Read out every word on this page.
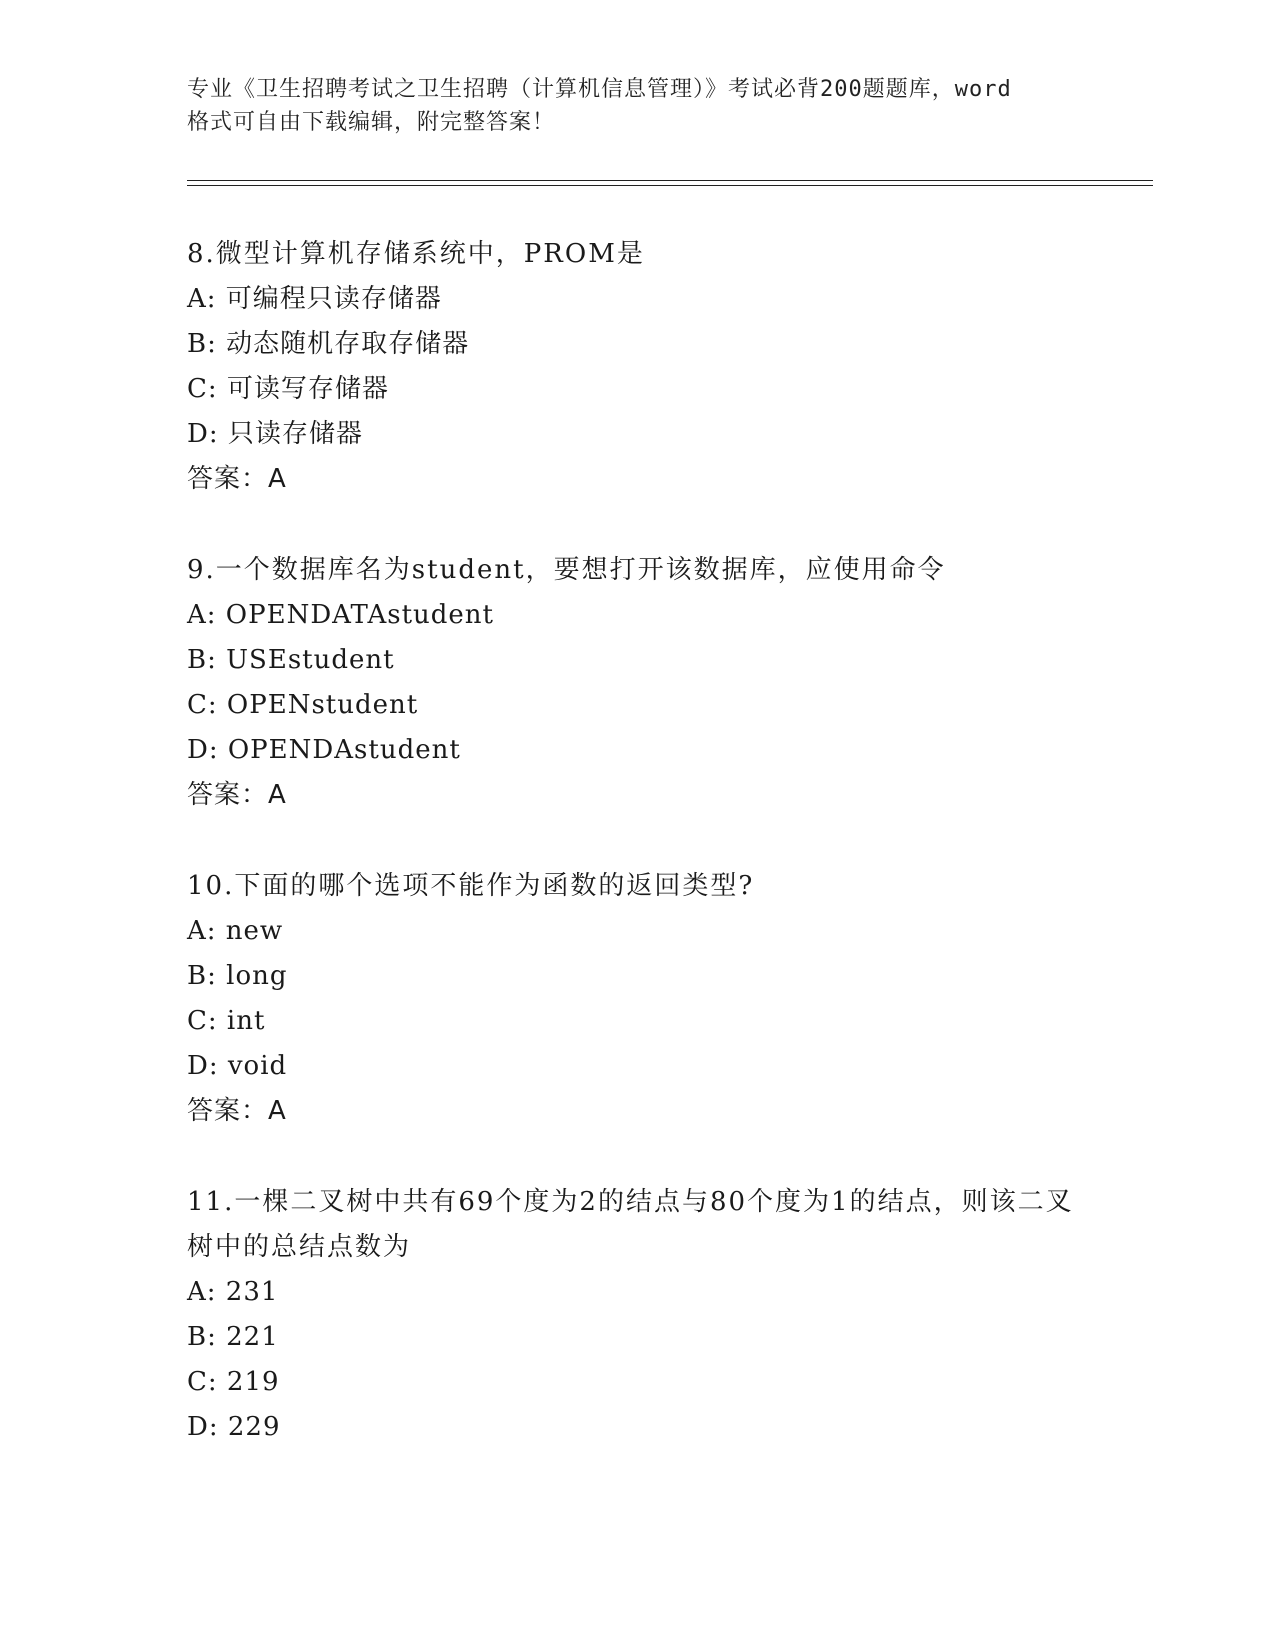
专业《卫生招聘考试之卫生招聘（计算机信息管理）》考试必背200题题库，word
格式可自由下载编辑，附完整答案！
8.微型计算机存储系统中，PROM是
A: 可编程只读存储器
B: 动态随机存取存储器
C: 可读写存储器
D: 只读存储器
答案：A
9.一个数据库名为student，要想打开该数据库，应使用命令
A: OPENDATAstudent
B: USEstudent
C: OPENstudent
D: OPENDAstudent
答案：A
10.下面的哪个选项不能作为函数的返回类型?
A: new
B: long
C: int
D: void
答案：A
11.一棵二叉树中共有69个度为2的结点与80个度为1的结点，则该二叉树中的总结点数为
A: 231
B: 221
C: 219
D: 229
